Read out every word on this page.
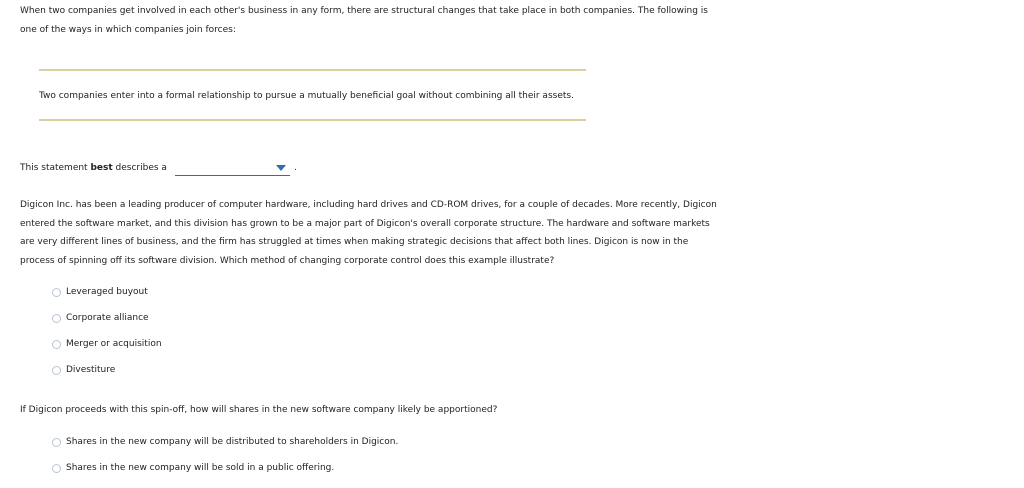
When two companies get involved in each other's business in any form, there are structural changes that take place in both companies. The following is
one of the ways in which companies join forces:
Two companies enter into a formal relationship to pursue a mutually beneficial goal without combining all their assets.
This statement best describes a	.
Digicon Inc. has been a leading producer of computer hardware, including hard drives and CD-ROM drives, for a couple of decades. More recently, Digicon
entered the software market, and this division has grown to be a major part of Digicon's overall corporate structure. The hardware and software markets
are very different lines of business, and the firm has struggled at times when making strategic decisions that affect both lines. Digicon is now in the
process of spinning off its software division. Which method of changing corporate control does this example illustrate?
Leveraged buyout
Corporate alliance
Merger or acquisition
Divestiture
If Digicon proceeds with this spin-off, how will shares in the new software company likely be apportioned?
Shares in the new company will be distributed to shareholders in Digicon.
Shares in the new company will be sold in a public offering.
